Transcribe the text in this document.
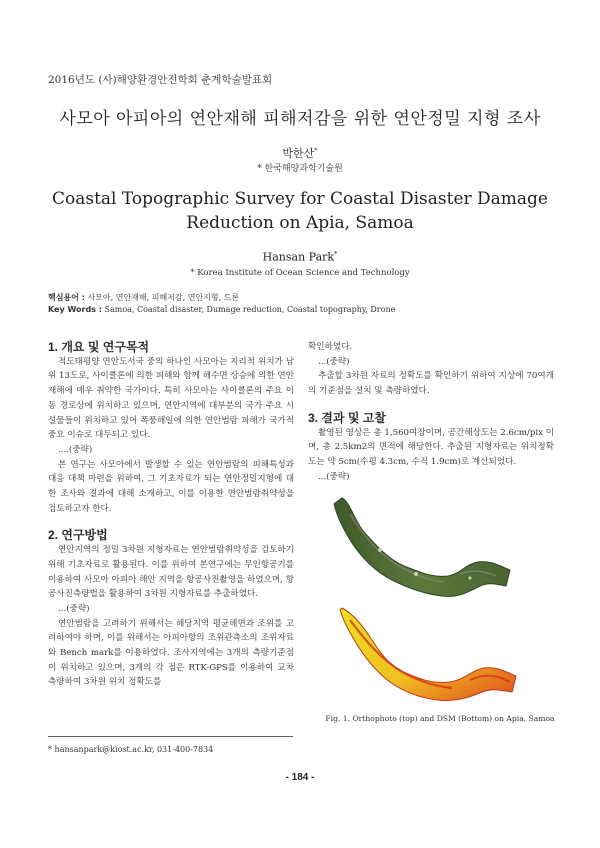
2016년도 (사)해양환경안전학회 춘계학술발표회
사모아 아피아의 연안재해 피해저감을 위한 연안정밀 지형 조사
박한산*
* 한국해양과학기술원
Coastal Topographic Survey for Coastal Disaster Damage Reduction on Apia, Samoa
Hansan Park*
* Korea Institute of Ocean Science and Technology
핵심용어 : 사모아, 연안재해, 피해저감, 연안지형, 드론
Key Words : Samoa, Coastal disaster, Dumage reduction, Coastal topography, Drone
1. 개요 및 연구목적

적도태평양 연안도서국 중의 하나인 사모아는 지리적 위치가 남위 13도로, 사이클론에 의한 피해와 함께 해수면 상승에 의한 연안재해에 매우 취약한 국가이다. 특히 사모아는 사이클론의 주요 이동 경로상에 위치하고 있으며, 연안지역에 대부분의 국가 주요 시설물들이 위치하고 있어 폭풍해일에 의한 연안범람 피해가 국가적 중요 이슈로 대두되고 있다.

....(중략)

본 연구는 사모아에서 발생할 수 있는 연안범람의 피해특성과 대응 대책 마련을 위하여, 그 기초자료가 되는 연안정밀지형에 대한 조사와 결과에 대해 소개하고, 이를 이용한 연안범람취약성을 검토하고자 한다.

2. 연구방법

연안지역의 정밀 3차원 지형자료는 연안범람취약성을 검토하기 위해 기초자료로 활용된다. 이를 위하여 본연구에는 무인항공기를 이용하여 사모아 아피아 해안 지역을 항공사진촬영을 하였으며, 항공사진측량법을 활용하여 3차원 지형자료를 추출하였다.

...(중략)

연안범람을 고려하기 위해서는 해당지역 평균해면과 조위를 고려하여야 하며, 이를 위해서는 아피아항의 조위관측소의 조위자료와 Bench mark를 이용하였다. 조사지역에는 3개의 측량기준점이 위치하고 있으며, 3개의 각 점은 RTK-GPS를 이용하여 교차 측량하여 3차원 위치 정확도를

확인하였다.

...(중략)

추출할 3차원 자료의 정확도를 확인하기 위하여 지상에 70여개의 기준점을 설치 및 측량하였다.

3. 결과 및 고찰

촬영된 영상은 총 1,560여장이며, 공간해상도는 2.6cm/pix 이며, 총 2.5km2의 면적에 해당한다. 추출된 지형자료는 위치정확도는 약 5cm(수평 4.3cm, 수직 1.9cm)로 계산되었다.

...(중략)

Fig. 1. Orthophoto (top) and DSM (Bottom) on Apia, Samoa
* hansanpark@kiost.ac.kr, 031-400-7834
- 184 -
